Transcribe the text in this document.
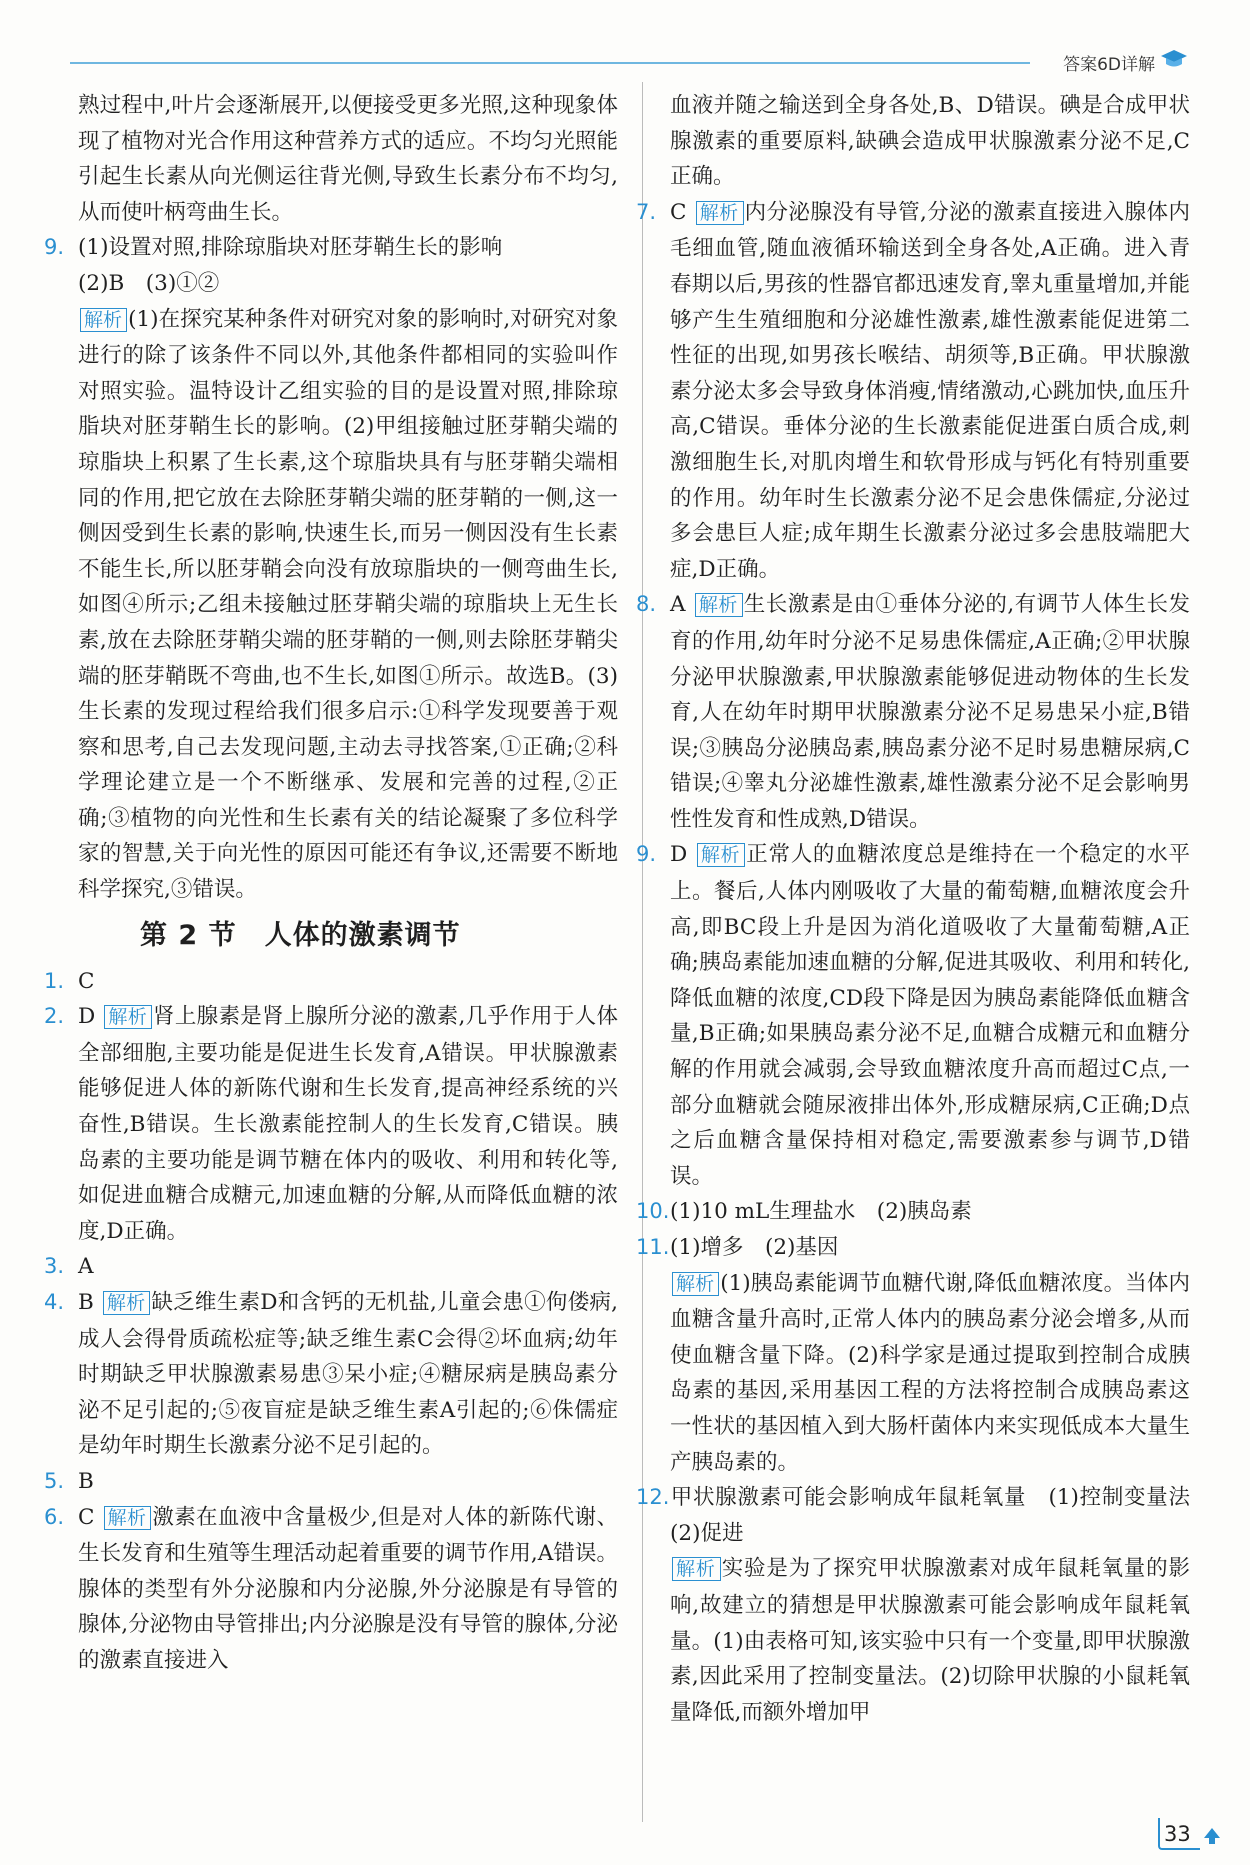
答案6D详解

熟过程中,叶片会逐渐展开,以便接受更多光照,这种现象体现了植物对光合作用这种营养方式的适应。不均匀光照能引起生长素从向光侧运往背光侧,导致生长素分布不均匀,从而使叶柄弯曲生长。

9. (1)设置对照,排除琼脂块对胚芽鞘生长的影响
(2)B　(3)①②
解析 (1)在探究某种条件对研究对象的影响时,对研究对象进行的除了该条件不同以外,其他条件都相同的实验叫作对照实验。温特设计乙组实验的目的是设置对照,排除琼脂块对胚芽鞘生长的影响。(2)甲组接触过胚芽鞘尖端的琼脂块上积累了生长素,这个琼脂块具有与胚芽鞘尖端相同的作用,把它放在去除胚芽鞘尖端的胚芽鞘的一侧,这一侧因受到生长素的影响,快速生长,而另一侧因没有生长素不能生长,所以胚芽鞘会向没有放琼脂块的一侧弯曲生长,如图④所示;乙组未接触过胚芽鞘尖端的琼脂块上无生长素,放在去除胚芽鞘尖端的胚芽鞘的一侧,则去除胚芽鞘尖端的胚芽鞘既不弯曲,也不生长,如图①所示。故选B。(3)生长素的发现过程给我们很多启示:①科学发现要善于观察和思考,自己去发现问题,主动去寻找答案,①正确;②科学理论建立是一个不断继承、发展和完善的过程,②正确;③植物的向光性和生长素有关的结论凝聚了多位科学家的智慧,关于向光性的原因可能还有争议,还需要不断地科学探究,③错误。

第 2 节　人体的激素调节

1. C

2. D 解析 肾上腺素是肾上腺所分泌的激素,几乎作用于人体全部细胞,主要功能是促进生长发育,A错误。甲状腺激素能够促进人体的新陈代谢和生长发育,提高神经系统的兴奋性,B错误。生长激素能控制人的生长发育,C错误。胰岛素的主要功能是调节糖在体内的吸收、利用和转化等,如促进血糖合成糖元,加速血糖的分解,从而降低血糖的浓度,D正确。

3. A

4. B 解析 缺乏维生素D和含钙的无机盐,儿童会患①佝偻病,成人会得骨质疏松症等;缺乏维生素C会得②坏血病;幼年时期缺乏甲状腺激素易患③呆小症;④糖尿病是胰岛素分泌不足引起的;⑤夜盲症是缺乏维生素A引起的;⑥侏儒症是幼年时期生长激素分泌不足引起的。

5. B

6. C 解析 激素在血液中含量极少,但是对人体的新陈代谢、生长发育和生殖等生理活动起着重要的调节作用,A错误。腺体的类型有外分泌腺和内分泌腺,外分泌腺是有导管的腺体,分泌物由导管排出;内分泌腺是没有导管的腺体,分泌的激素直接进入

血液并随之输送到全身各处,B、D错误。碘是合成甲状腺激素的重要原料,缺碘会造成甲状腺激素分泌不足,C正确。

7. C 解析 内分泌腺没有导管,分泌的激素直接进入腺体内毛细血管,随血液循环输送到全身各处,A正确。进入青春期以后,男孩的性器官都迅速发育,睾丸重量增加,并能够产生生殖细胞和分泌雄性激素,雄性激素能促进第二性征的出现,如男孩长喉结、胡须等,B正确。甲状腺激素分泌太多会导致身体消瘦,情绪激动,心跳加快,血压升高,C错误。垂体分泌的生长激素能促进蛋白质合成,刺激细胞生长,对肌肉增生和软骨形成与钙化有特别重要的作用。幼年时生长激素分泌不足会患侏儒症,分泌过多会患巨人症;成年期生长激素分泌过多会患肢端肥大症,D正确。

8. A 解析 生长激素是由①垂体分泌的,有调节人体生长发育的作用,幼年时分泌不足易患侏儒症,A正确;②甲状腺分泌甲状腺激素,甲状腺激素能够促进动物体的生长发育,人在幼年时期甲状腺激素分泌不足易患呆小症,B错误;③胰岛分泌胰岛素,胰岛素分泌不足时易患糖尿病,C错误;④睾丸分泌雄性激素,雄性激素分泌不足会影响男性性发育和性成熟,D错误。

9. D 解析 正常人的血糖浓度总是维持在一个稳定的水平上。餐后,人体内刚吸收了大量的葡萄糖,血糖浓度会升高,即BC段上升是因为消化道吸收了大量葡萄糖,A正确;胰岛素能加速血糖的分解,促进其吸收、利用和转化,降低血糖的浓度,CD段下降是因为胰岛素能降低血糖含量,B正确;如果胰岛素分泌不足,血糖合成糖元和血糖分解的作用就会减弱,会导致血糖浓度升高而超过C点,一部分血糖就会随尿液排出体外,形成糖尿病,C正确;D点之后血糖含量保持相对稳定,需要激素参与调节,D错误。

10.(1)10 mL生理盐水　(2)胰岛素

11.(1)增多　(2)基因
解析 (1)胰岛素能调节血糖代谢,降低血糖浓度。当体内血糖含量升高时,正常人体内的胰岛素分泌会增多,从而使血糖含量下降。(2)科学家是通过提取到控制合成胰岛素的基因,采用基因工程的方法将控制合成胰岛素这一性状的基因植入到大肠杆菌体内来实现低成本大量生产胰岛素的。

12.甲状腺激素可能会影响成年鼠耗氧量　(1)控制变量法　(2)促进
解析 实验是为了探究甲状腺激素对成年鼠耗氧量的影响,故建立的猜想是甲状腺激素可能会影响成年鼠耗氧量。(1)由表格可知,该实验中只有一个变量,即甲状腺激素,因此采用了控制变量法。(2)切除甲状腺的小鼠耗氧量降低,而额外增加甲

33
